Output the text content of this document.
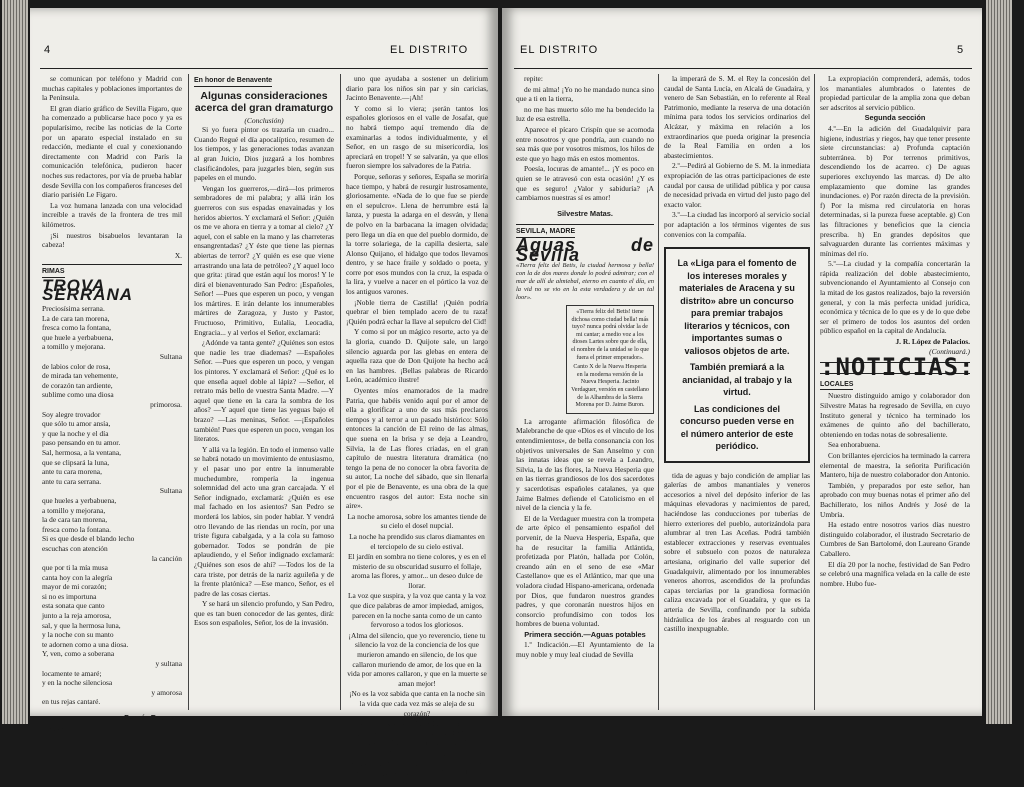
4	EL DISTRITO

se comunican por teléfono y Madrid con muchas capitales y poblaciones importantes de la Península.

El gran diario gráfico de Sevilla Figaro, que ha comenzado a publicarse hace poco y ya es popularísimo, recibe las noticias de la Corte por un aparato especial instalado en su redacción, mediante el cual y conexionando directamente con Madrid con París la comunicación telefónica, pudieron hacer noches sus redactores, por vía de prueba hablar desde Sevilla con los compañeros franceses del diario parisién Le Figaro.

La voz humana lanzada con una velocidad increíble a través de la frontera de tres mil kilómetros.

¡Si nuestros bisabuelos levantaran la cabeza!

X.
RIMAS
TROVA SERRANA

Preciosísima serrana.

La de cara tan morena,

fresca como la fontana,

que huele a yerbabuena,

a tomillo y mejorana.

Sultana

de labios color de rosa,

de mirada tan vehemente,

de corazón tan ardiente,

sublime como una diosa

primorosa.

Soy alegre trovador

que sólo tu amor ansía,

y que la noche y el día

paso pensando en tu amor.

Sal, hermosa, a la ventana,

que se clipsará la luna,

ante tu cara morena,

ante tu cara serrana.

Sultana

que hueles a yerbabuena,

a tomillo y mejorana,

la de cara tan morena,

fresca como la fontana.

Si es que desde el blando lecho

escuchas con atención

la canción

que por ti la mía musa

canta hoy con la alegría

mayor de mi corazón;

si no es importuna

esta sonata que canto

junto a la reja amorosa,

sal, y que la hermosa luna,

y la noche con su manto

te adornen como a una diosa.

Y, ven, como a soberana

y sultana

locamente te amaré;

y en la noche silenciosa

y amorosa

en tus rejas cantaré.

Fermín Requena
A su vez
En honor de Benavente
Algunas consideraciones acerca del gran dramaturgo
(Conclusión)

Si yo fuera pintor os trazaría un cuadro... Cuando Regué el día apocalíptico, resumen de los tiempos, y las generaciones todas avanzan al gran Juicio, Dios juzgará a los hombres clasificándoles, para juzgarles bien, según sus papeles en el mundo.

Vengan los guerreros,—dirá—los primeros sembradores de mi palabra; y allá irán los guerreros con sus espadas enavainadas y los heridos abiertos. Y exclamará el Señor: ¿Quién os me ve ahora en tierra y a tomar al cielo? ¿Y aquel, con el sable en la mano y las charreteras ensangrentadas? ¿Y éste que tiene las piernas abiertas de terror? ¿Y quién es ese que viene arrastrando una lata de petróleo? ¿Y aquel loco que grita: ¡tirad que están aquí los moros! Y le dirá el bienaventurado San Pedro: ¡Españoles, Señor! —Pues que esperen un poco, y vengan los mártires. E irán delante los innumerables mártires de Zaragoza, y Justo y Pastor, Fructuoso, Primitivo, Eulalia, Leocadia, Engracia... y al verlos el Señor, exclamará:

¿Adónde va tanta gente? ¿Quiénes son estos que nadie les trae diademas? —Españoles Señor. —Pues que esperen un poco, y vengan los pintores. Y exclamará el Señor: ¿Qué es lo que enseña aquel doble al lápiz? —Señor, el retrato más bello de vuestra Santa Madre. —Y aquel que tiene en la cara la sombra de los años? —Y aquel que tiene las yeguas bajo el brazo? —Las meninas, Señor. —¡Españoles también! Pues que esperen un poco, vengan los literatos.

Y allá va la legión. En todo el inmenso valle se habrá notado un movimiento de entusiasmo, y el pasar uno por entre la innumerable muchedumbre, rompería la ingenua solemnidad del acto una gran carcajada. Y el Señor indignado, exclamará: ¿Quién es ese mal fachado en los asientos? San Pedro se morderá los labios, sin poder hablar. Y vendrá otro llevando de las riendas un rocín, por una triste figura cabalgada, y a la cola su famoso gobernador. Todos se pondrán de pie aplaudiendo, y el Señor indignado exclamará: ¿Quiénes son esos de ahí? —Todos los de la cara triste, por detrás de la nariz aguileña y de la frente platónica? —Ese manco, Señor, es el padre de las cosas ciertas.

Y se hará un silencio profundo, y San Pedro, que es tan buen conocedor de las gentes, dirá: Esos son españoles, Señor, los de la invasión.

uno que ayudaba a sostener un delirium diario para los niños sin par y sin caricias, Jacinto Benavente.—¡Ah!

Y como si lo viera; ¡serán tantos los españoles gloriosos en el valle de Josafat, que no habrá tiempo aquí tremendo día de examinarlas a todos individualmente, y el Señor, en un rasgo de su misericordia, los apreciará en tropel! Y se salvarán, ya que ellos fueron siempre los salvadores de la Patria.

Porque, señoras y señores, España se moriría hace tiempo, y habrá de resurgir lustrosamente, gloriosamente. «Nada de lo que fue se pierde en el sepulcro». Llena de herrumbre está la lanza, y puesta la adarga en el desván, y llena de polvo en la barbacana la imagen olvidada; pero llega un día en que del pueblo dormido, de la torre solariega, de la capilla desierta, sale Alonso Quijano, el hidalgo que todos llevamos dentro, y se hace fraile y soldado o poeta, y corre por esos mundos con la cruz, la espada o la lira, y vuelve a nacer en el pórtico la voz de los antiguos varones.

¡Noble tierra de Castilla! ¡Quién podría quebrar el bien templado acero de tu raza! ¡Quién podrá echar la llave al sepulcro del Cid!

Y como si por un mágico resorte, acto ya de la gloria, cuando D. Quijote sale, un largo silencio aguarda por las glebas en entera de aquella raza que de Don Quijote ha hecho acá en las hambres. ¡Bellas palabras de Ricardo León, académico ilustre!

Oyentes míos enamorados de la madre Patria, que habéis venido aquí por el amor de ella a glorificar a uno de sus más preclaros tiempos y al terror a un pasado histórico: Sólo entonces la canción de El reino de las almas, que suena en la brisa y se deja a Leandro, Silvia, la de Las flores criadas, en el gran capítulo de nuestra literatura dramática (no tengo la pena de no conocer la obra favorita de su autor, La noche del sábado, que sin llenarla por el pie de Benavente, es una obra de la que encuentro rasgos del autor: Esta noche sin aire».

La noche amorosa, sobre los amantes tiende de su cielo el dosel nupcial.

La noche ha prendido sus claros diamantes en el terciopelo de su cielo estival.

El jardín en sombra no tiene colores, y es en el misterio de su obscuridad susurro el follaje, aroma las flores, y amor... un deseo dulce de llorar.

La voz que suspira, y la voz que canta y la voz que dice palabras de amor impiedad, amigos, parecen en la noche santa como de un canto fervoroso a todos los gloriosos.

¡Alma del silencio, que yo reverencio, tiene tu silencio la voz de la conciencia de los que murieron amando en silencio, de los que callaron muriendo de amor, de los que en la vida por amores callaron, y que en la muerte se aman mejor!

¡No es la voz sabida que canta en la noche sin la vida que cada vez más se aleja de su corazón?

¡Madre de mi alma! ¡No es luz de tus ojos la luz de esa estrella que como una lágrima de amor infinito en la noche tiembla?

¡Dile a tus ojos que yo no tengo más que el corazón... ¿Qué más diré yo a ti en la tierra, si desde que yo nací ha sido mi vida? La luz de esa estrella.

EL DISTRITO	5

repite:

de mi alma! ¡Yo no he mandado nunca sino que a ti en la tierra,

no me has muerto sólo me ha bendecido la luz de esa estrella.

Aparece el pícaro Crispín que se acomoda entre nosotros y que pondría, aun cuando no sea más que por vosotros mismos, los hilos de este que yo hago más en estos momentos.

Poesía, locuras de amante!... ¡Y es poco en quien se le atravesó con esta ocasión! ¿Y es que es seguro! ¿Valor y sabiduría? ¡A cambiarnos nuestras sí es amor!

Silvestre Matas.
SEVILLA, MADRE
Aguas de Sevilla

«Tierra feliz del Betis, la ciudad hermosa y bella! con la de dos mares donde lo podrá admirar; con el mar de allí de almiebal, eterno en cuanto el día, en la vid no se vio en la esta verdadera y de un tal loor».

«Tierra feliz del Betis! tiene dichosa como ciudad bella! más tuyo? nunca podrá olvidar la de mi cantar; a medio voz a los dioses Lartes sobre que de ella, el nombre de la unidad se lo que fuera el primer emperador».
Canto X de la Nueva Hesperia en la moderna versión de la Nueva Hesperia. Jacinto Verdaguer, versión en castellano de la Alhambra de la Sierra Morena por D. Jaime Buron.

La arrogante afirmación filosófica de Malebranche de que «Dios es el vínculo de los entendimientos», de bella consonancia con los objetivos universales de San Anselmo y con las innatas ideas que se revela a Leandro, Silvia, la de las flores, la Nueva Hesperia que en las tierras grandiosos de los dos sacerdotes y sacerdotisas españoles catalanes, ya que Jaime Balmes defiende el Catolicismo en el nivel de la ciencia y la fe.

El de la Verdaguer muestra con la trompeta de arte épico el pensamiento español del porvenir, de la Nueva Hesperia, España, que ha de resucitar la familia Atlántida, profetizada por Platón, hallada por Colón, creando aún en el seno de ese «Mar Castellano» que es el Atlántico, mar que una voladora ciudad Hispano-americana, ordenada por Dios, que fundaron nuestros grandes padres, y que coronarán nuestros hijos en consorcio profundísimo con todos los hombres de buena voluntad.

Primera sección.—Aguas potables

1.º Indicación.—El Ayuntamiento de la muy noble y muy leal ciudad de Sevilla

la imperará de S. M. el Rey la concesión del caudal de Santa Lucía, en Alcalá de Guadaíra, y venero de San Sebastián, en lo referente al Real Patrimonio, mediante la reserva de una dotación mínima para todos los servicios ordinarios del Alcázar, y máxima en relación a los extraordinarios que pueda originar la presencia de la Real Familia en orden a los abastecimientos.

2.º—Pedirá al Gobierno de S. M. la inmediata expropiación de las otras participaciones de este caudal por causa de utilidad pública y por causa de necesidad privada en virtud del justo pago del exacto valor.

3.º—La ciudad las incorporó al servicio social por adaptación a los términos vigentes de sus convenios con la compañía.

La «Liga para el fomento de los intereses morales y materiales de Aracena y su distrito» abre un concurso para premiar trabajos literarios y técnicos, con importantes sumas o valiosos objetos de arte.
También premiará a la ancianidad, al trabajo y la virtud.
Las condiciones del concurso pueden verse en el número anterior de este periódico.

tida de aguas y bajo condición de ampliar las galerías de ambos manantiales y veneros accesorios a nivel del depósito inferior de las máquinas elevadoras y nacimientos de pared, haciéndose las conducciones por tuberías de hierro exteriores del pueblo, autorizándola para alumbrar al tren Las Aceñas. Podrá también establecer extracciones y reservas eventuales sobre el subsuelo con pozos de naturaleza artesiana, originario del valle superior del Guadalquivir, alimentado por los innumerables veneros ahorros, ascendidos de la profundas capas terciarias por la grandiosa formación caliza excavada por el Guadaíra, y que es la arteria de Sevilla, confinando por la subida hidráulica de los árabes al resguardo con un castillo inexpugnable.

La expropiación comprenderá, además, todos los manantiales alumbrados o latentes de propiedad particular de la amplia zona que deban ser adscritos al servicio público.

Segunda sección

4.º—En la adición del Guadalquivir para higiene, industrias y riegos, hay que tener presente siete circunstancias: a) Profunda captación subterránea. b) Por terrenos primitivos, descendiendo los de acarreo. c) De aguas superiores excluyendo las marcas. d) De alto emplazamiento que domine las grandes inundaciones. e) Por razón directa de la previsión. f) Por la misma red circulatoria en horas determinadas, si la pureza fuese aceptable. g) Con las filtraciones y beneficios que la ciencia prescriba. h) En grandes depósitos que salvaguarden durante las corrientes máximas y mínimas del río.

5.º—La ciudad y la compañía concertarán la rápida realización del doble abastecimiento, subvencionando el Ayuntamiento al Consejo con la mitad de los gastos realizados, bajo la reversión general, y con la más perfecta unidad jurídica, económica y técnica de lo que es y de lo que debe ser el primero de todos los asuntos del orden público español en la capital de Andalucía.

J. R. López de Palacios.
(Continuará.)
:NOTICIAS:
LOCALES

Nuestro distinguido amigo y colaborador don Silvestre Matas ha regresado de Sevilla, en cuyo Instituto general y técnico ha terminado los exámenes de quinto año del bachillerato, obteniendo en todas notas de sobresaliente.

Sea enhorabuena.

Con brillantes ejercicios ha terminado la carrera elemental de maestra, la señorita Purificación Mantero, hija de nuestro colaborador don Antonio.

También, y preparados por este señor, han aprobado con muy buenas notas el primer año del Bachillerato, los niños Andrés y José de la Umbría.

Ha estado entre nosotros varios días nuestro distinguido colaborador, el ilustrado Secretario de Cumbres de San Bartolomé, don Laureano Grande Caballero.

El día 20 por la noche, festividad de San Pedro se celebró una magnífica velada en la calle de este nombre. Hubo fue-
